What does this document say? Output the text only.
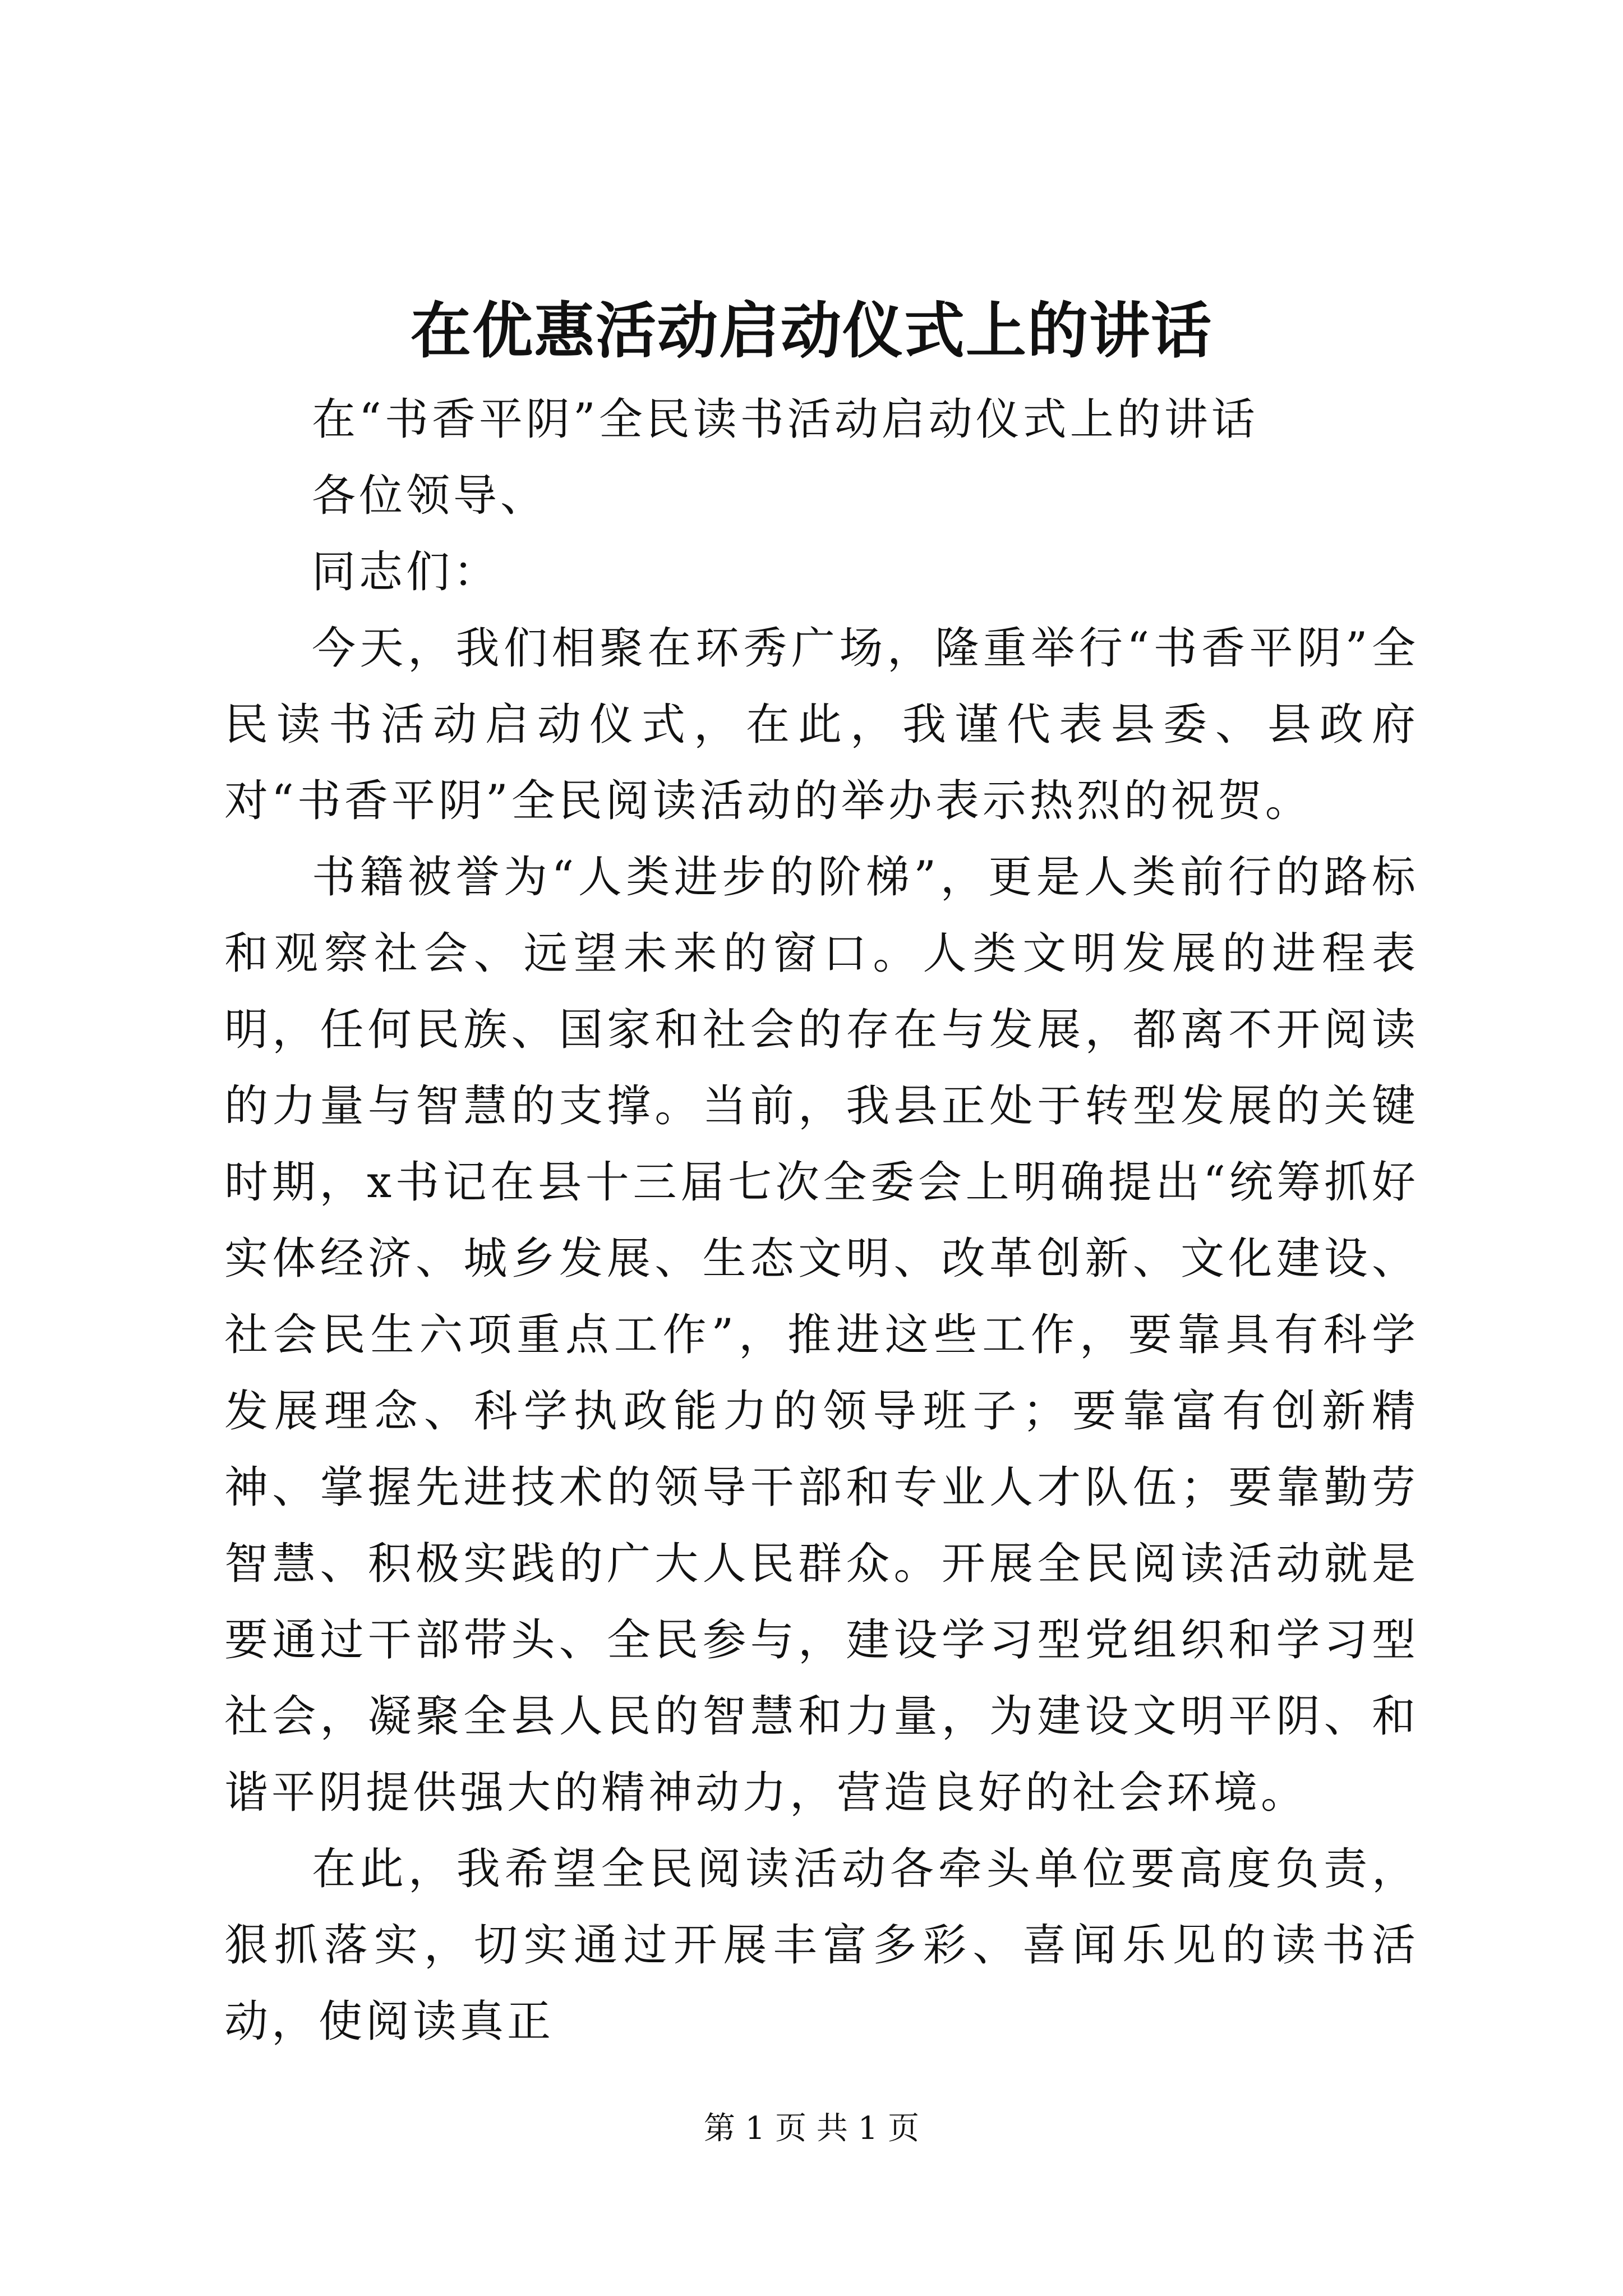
在优惠活动启动仪式上的讲话

在“书香平阴”全民读书活动启动仪式上的讲话

各位领导、

同志们：

今天，我们相聚在环秀广场，隆重举行“书香平阴”全民读书活动启动仪式，在此，我谨代表县委、县政府对“书香平阴”全民阅读活动的举办表示热烈的祝贺。

书籍被誉为“人类进步的阶梯”，更是人类前行的路标和观察社会、远望未来的窗口。人类文明发展的进程表明，任何民族、国家和社会的存在与发展，都离不开阅读的力量与智慧的支撑。当前，我县正处于转型发展的关键时期，x书记在县十三届七次全委会上明确提出“统筹抓好实体经济、城乡发展、生态文明、改革创新、文化建设、社会民生六项重点工作”，推进这些工作，要靠具有科学发展理念、科学执政能力的领导班子；要靠富有创新精神、掌握先进技术的领导干部和专业人才队伍；要靠勤劳智慧、积极实践的广大人民群众。开展全民阅读活动就是要通过干部带头、全民参与，建设学习型党组织和学习型社会，凝聚全县人民的智慧和力量，为建设文明平阴、和谐平阴提供强大的精神动力，营造良好的社会环境。

在此，我希望全民阅读活动各牵头单位要高度负责，狠抓落实，切实通过开展丰富多彩、喜闻乐见的读书活动，使阅读真正

第 1 页 共 1 页
